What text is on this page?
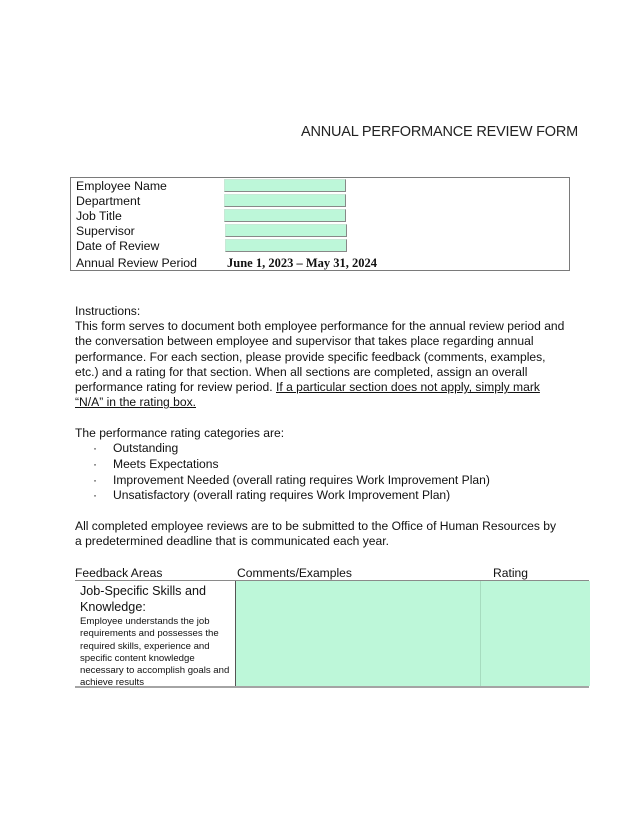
ANNUAL PERFORMANCE REVIEW FORM
Employee Name
Department
Job Title
Supervisor
Date of Review
Annual Review Period June 1, 2023 – May 31, 2024
Instructions:
This form serves to document both employee performance for the annual review period and the conversation between employee and supervisor that takes place regarding annual performance. For each section, please provide specific feedback (comments, examples, etc.) and a rating for that section. When all sections are completed, assign an overall performance rating for review period. If a particular section does not apply, simply mark “N/A” in the rating box.
The performance rating categories are:
· Outstanding
· Meets Expectations
· Improvement Needed (overall rating requires Work Improvement Plan)
· Unsatisfactory (overall rating requires Work Improvement Plan)
All completed employee reviews are to be submitted to the Office of Human Resources by a predetermined deadline that is communicated each year.
Feedback Areas	Comments/Examples	Rating
Job-Specific Skills and Knowledge:
Employee understands the job requirements and possesses the required skills, experience and specific content knowledge necessary to accomplish goals and achieve results
